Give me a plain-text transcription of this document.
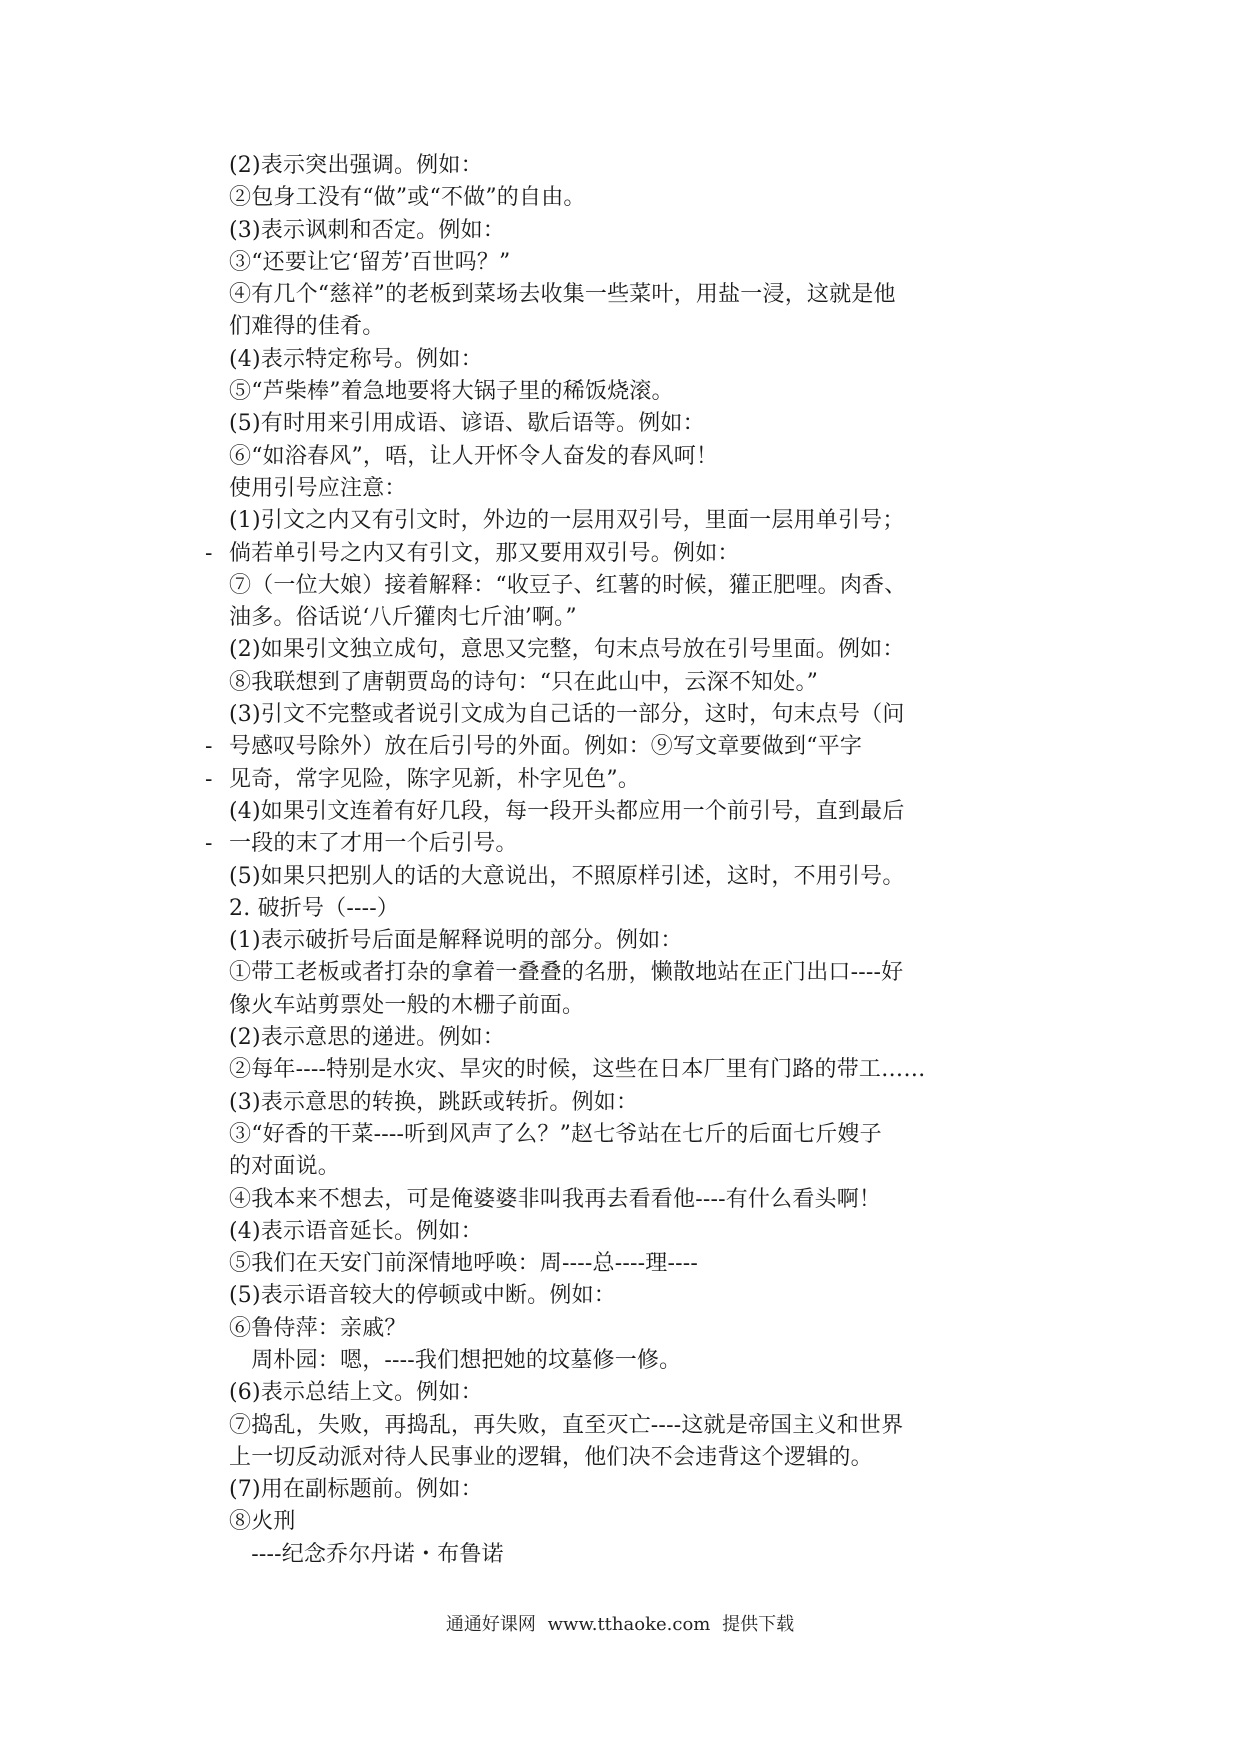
(2)表示突出强调。例如：
②包身工没有“做”或“不做”的自由。
(3)表示讽刺和否定。例如：
③“还要让它‘留芳’百世吗？”
④有几个“慈祥”的老板到菜场去收集一些菜叶，用盐一浸，这就是他
们难得的佳肴。
(4)表示特定称号。例如：
⑤“芦柴棒”着急地要将大锅子里的稀饭烧滚。
(5)有时用来引用成语、谚语、歇后语等。例如：
⑥“如浴春风”，唔，让人开怀令人奋发的春风呵！
使用引号应注意：
(1)引文之内又有引文时，外边的一层用双引号，里面一层用单引号；
- 倘若单引号之内又有引文，那又要用双引号。例如：
⑦（一位大娘）接着解释：“收豆子、红薯的时候，獾正肥哩。肉香、
油多。俗话说‘八斤獾肉七斤油’啊。”
(2)如果引文独立成句，意思又完整，句末点号放在引号里面。例如：
⑧我联想到了唐朝贾岛的诗句：“只在此山中，云深不知处。”
(3)引文不完整或者说引文成为自己话的一部分，这时，句末点号（问
- 号感叹号除外）放在后引号的外面。例如：⑨写文章要做到“平字
- 见奇，常字见险，陈字见新，朴字见色”。
(4)如果引文连着有好几段，每一段开头都应用一个前引号，直到最后
- 一段的末了才用一个后引号。
(5)如果只把别人的话的大意说出，不照原样引述，这时，不用引号。
2. 破折号（----）
(1)表示破折号后面是解释说明的部分。例如：
①带工老板或者打杂的拿着一叠叠的名册，懒散地站在正门出口----好
像火车站剪票处一般的木栅子前面。
(2)表示意思的递进。例如：
②每年----特别是水灾、旱灾的时候，这些在日本厂里有门路的带工……
(3)表示意思的转换，跳跃或转折。例如：
③“好香的干菜----听到风声了么？”赵七爷站在七斤的后面七斤嫂子
的对面说。
④我本来不想去，可是俺婆婆非叫我再去看看他----有什么看头啊！
(4)表示语音延长。例如：
⑤我们在天安门前深情地呼唤：周----总----理----
(5)表示语音较大的停顿或中断。例如：
⑥鲁侍萍：亲戚？
　周朴园：嗯，----我们想把她的坟墓修一修。
(6)表示总结上文。例如：
⑦捣乱，失败，再捣乱，再失败，直至灭亡----这就是帝国主义和世界
上一切反动派对待人民事业的逻辑，他们决不会违背这个逻辑的。
(7)用在副标题前。例如：
⑧火刑
　----纪念乔尔丹诺・布鲁诺
通通好课网 www.tthaoke.com 提供下载
